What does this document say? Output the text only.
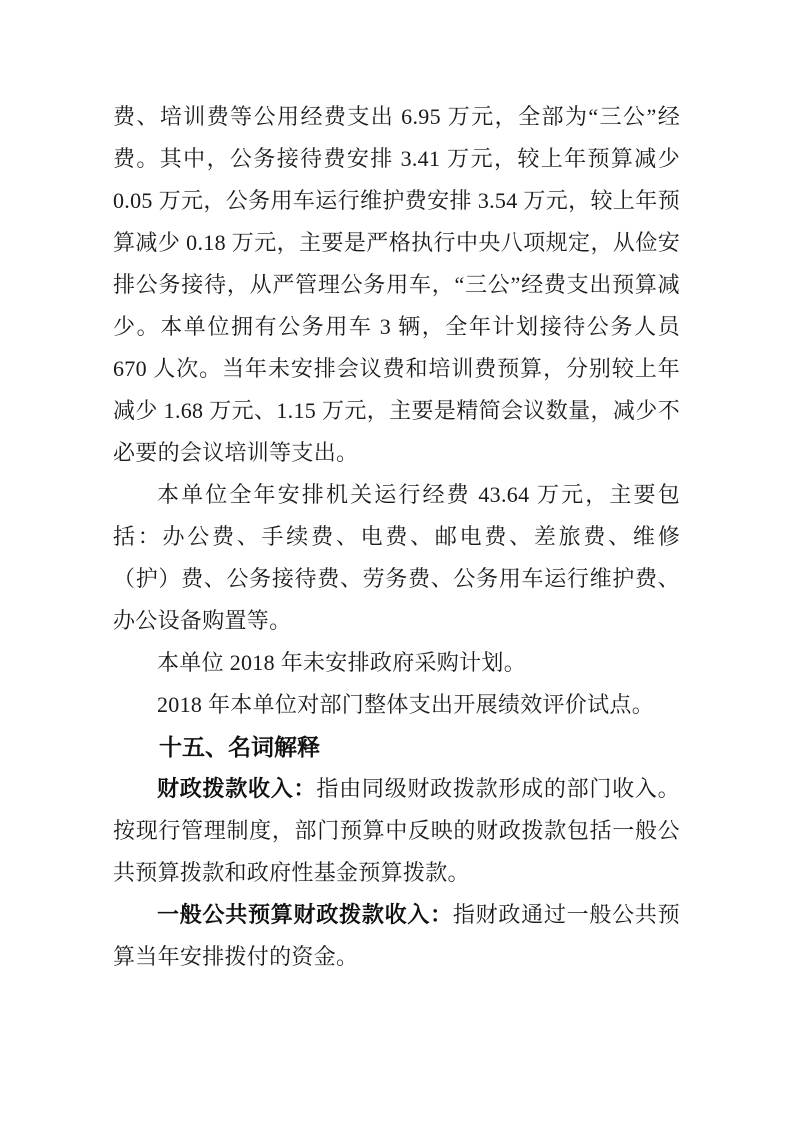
费、培训费等公用经费支出 6.95 万元，全部为“三公”经费。其中，公务接待费安排 3.41 万元，较上年预算减少 0.05 万元，公务用车运行维护费安排 3.54 万元，较上年预算减少 0.18 万元，主要是严格执行中央八项规定，从俭安排公务接待，从严管理公务用车，“三公”经费支出预算减少。本单位拥有公务用车 3 辆，全年计划接待公务人员 670 人次。当年未安排会议费和培训费预算，分别较上年减少 1.68 万元、1.15 万元，主要是精简会议数量，减少不必要的会议培训等支出。

本单位全年安排机关运行经费 43.64 万元，主要包括：办公费、手续费、电费、邮电费、差旅费、维修（护）费、公务接待费、劳务费、公务用车运行维护费、办公设备购置等。

本单位 2018 年未安排政府采购计划。

2018 年本单位对部门整体支出开展绩效评价试点。

十五、名词解释

财政拨款收入：指由同级财政拨款形成的部门收入。按现行管理制度，部门预算中反映的财政拨款包括一般公共预算拨款和政府性基金预算拨款。

一般公共预算财政拨款收入：指财政通过一般公共预算当年安排拨付的资金。
